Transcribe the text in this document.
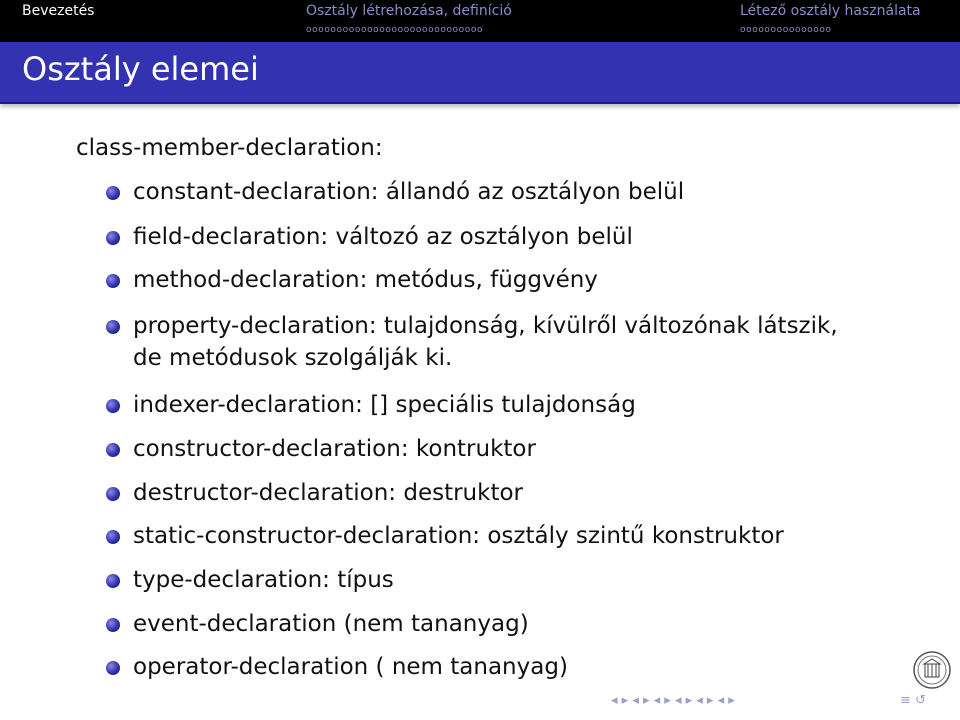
Bevezetés	Osztály létrehozása, definíció	Létező osztály használata
ooooooooooooooooooooooooooooo	ooooooooooooooo
Osztály elemei
class-member-declaration:
constant-declaration: állandó az osztályon belül
field-declaration: változó az osztályon belül
method-declaration: metódus, függvény
property-declaration: tulajdonság, kívülről változónak látszik,
de metódusok szolgálják ki.
indexer-declaration: [] speciális tulajdonság
constructor-declaration: kontruktor
destructor-declaration: destruktor
static-constructor-declaration: osztály szintű konstruktor
type-declaration: típus
event-declaration (nem tananyag)
operator-declaration ( nem tananyag)
◂ ▸ ◂ ▸ ◂ ▸ ◂ ▸ ◂ ▸ ◂ ▸	≡ ↺
